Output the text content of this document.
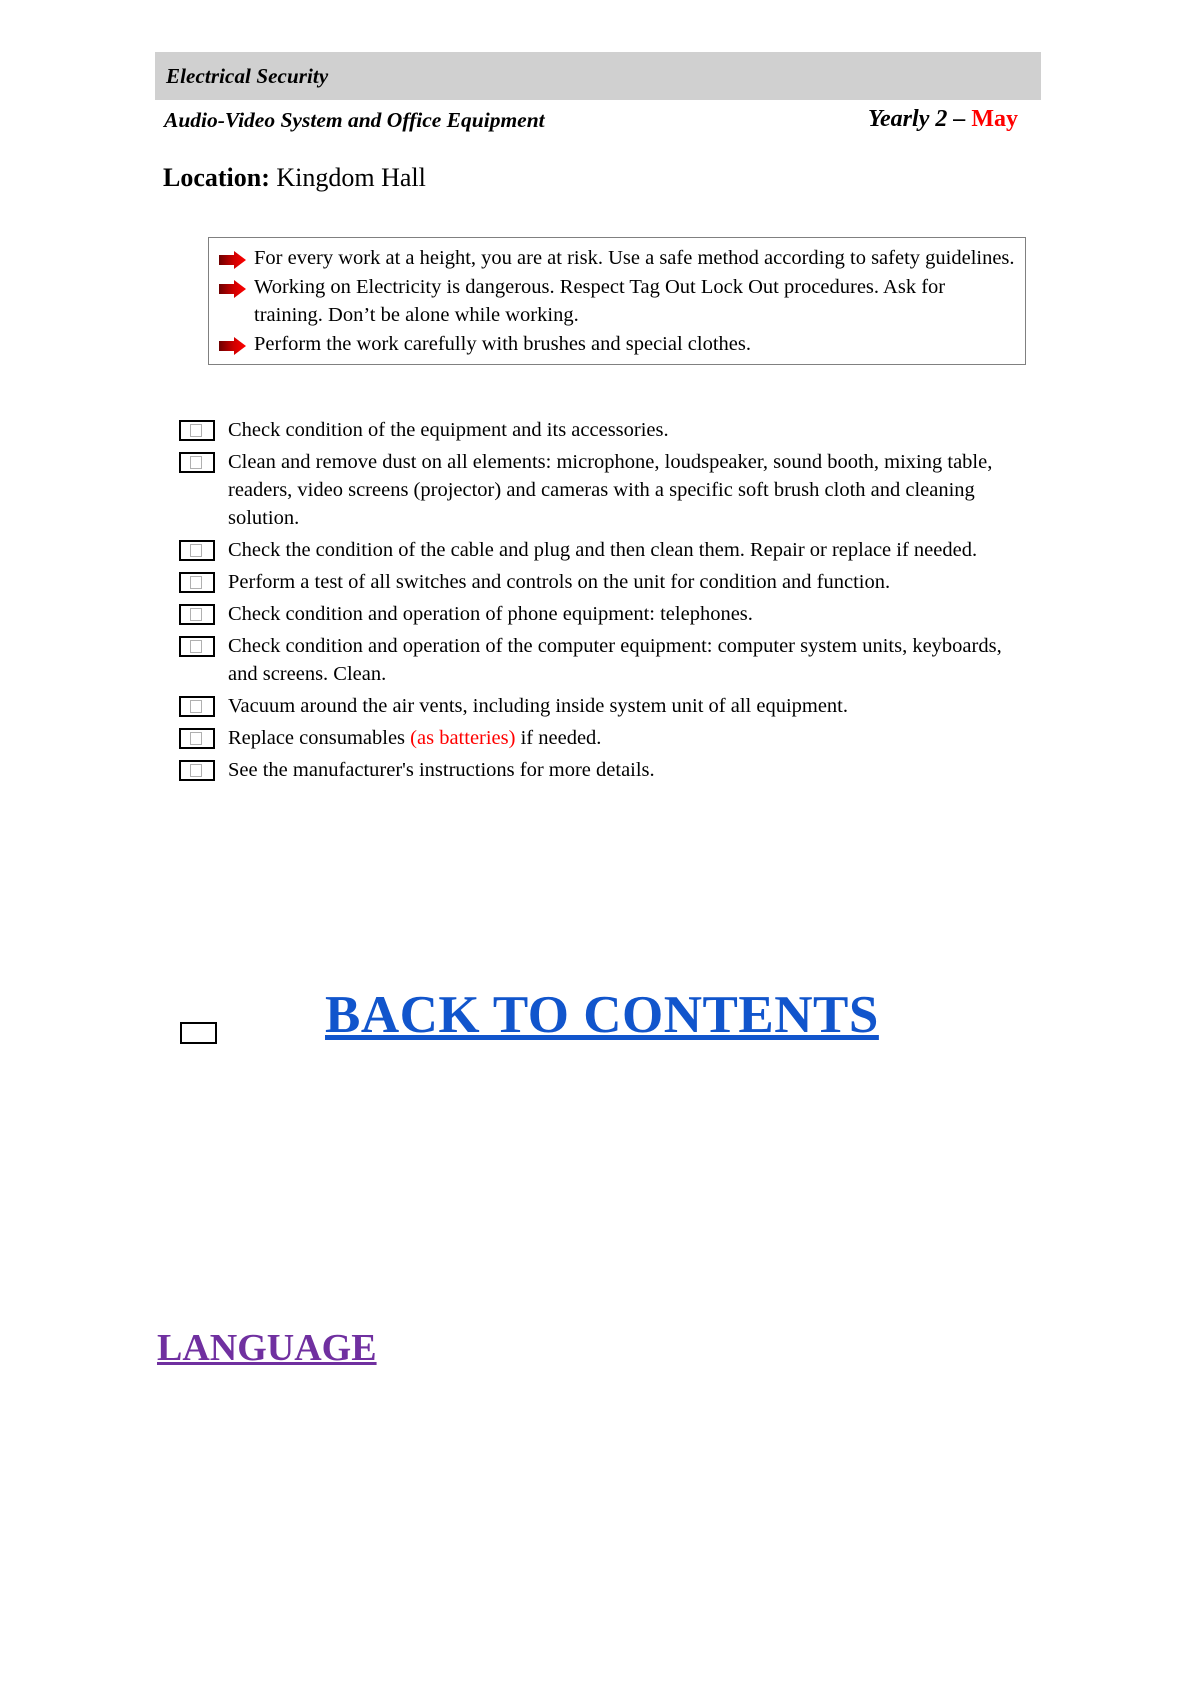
Electrical Security
Audio-Video System and Office Equipment	Yearly 2 – May
Location: Kingdom Hall
For every work at a height, you are at risk. Use a safe method according to safety guidelines.
Working on Electricity is dangerous. Respect Tag Out Lock Out procedures. Ask for training. Don’t be alone while working.
Perform the work carefully with brushes and special clothes.
Check condition of the equipment and its accessories.
Clean and remove dust on all elements: microphone, loudspeaker, sound booth, mixing table, readers, video screens (projector) and cameras with a specific soft brush cloth and cleaning solution.
Check the condition of the cable and plug and then clean them. Repair or replace if needed.
Perform a test of all switches and controls on the unit for condition and function.
Check condition and operation of phone equipment: telephones.
Check condition and operation of the computer equipment: computer system units, keyboards, and screens. Clean.
Vacuum around the air vents, including inside system unit of all equipment.
Replace consumables (as batteries) if needed.
See the manufacturer's instructions for more details.
BACK TO CONTENTS
LANGUAGE
